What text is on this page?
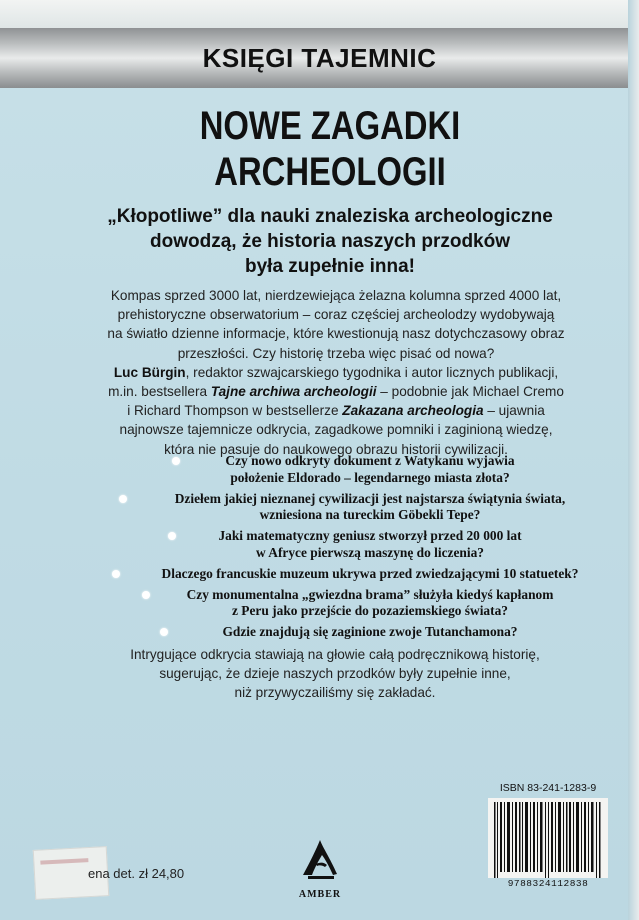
KSIĘGI TAJEMNIC
NOWE ZAGADKI
ARCHEOLOGII
„Kłopotliwe” dla nauki znaleziska archeologiczne
dowodzą, że historia naszych przodków
była zupełnie inna!
Kompas sprzed 3000 lat, nierdzewiejąca żelazna kolumna sprzed 4000 lat,
prehistoryczne obserwatorium – coraz częściej archeolodzy wydobywają
na światło dzienne informacje, które kwestionują nasz dotychczasowy obraz
przeszłości. Czy historię trzeba więc pisać od nowa?
Luc Bürgin, redaktor szwajcarskiego tygodnika i autor licznych publikacji,
m.in. bestsellera Tajne archiwa archeologii – podobnie jak Michael Cremo
i Richard Thompson w bestsellerze Zakazana archeologia – ujawnia
najnowsze tajemnicze odkrycia, zagadkowe pomniki i zaginioną wiedzę,
która nie pasuje do naukowego obrazu historii cywilizacji.
Czy nowo odkryty dokument z Watykanu wyjawia
położenie Eldorado – legendarnego miasta złota?
Dziełem jakiej nieznanej cywilizacji jest najstarsza świątynia świata,
wzniesiona na tureckim Göbekli Tepe?
Jaki matematyczny geniusz stworzył przed 20 000 lat
w Afryce pierwszą maszynę do liczenia?
Dlaczego francuskie muzeum ukrywa przed zwiedzającymi 10 statuetek?
Czy monumentalna „gwiezdna brama” służyła kiedyś kapłanom
z Peru jako przejście do pozaziemskiego świata?
Gdzie znajdują się zaginione zwoje Tutanchamona?
Intrygujące odkrycia stawiają na głowie całą podręcznikową historię,
sugerując, że dzieje naszych przodków były zupełnie inne,
niż przywyczailiśmy się zakładać.
ena det. zł 24,80
AMBER
ISBN 83-241-1283-9
9788324112838
